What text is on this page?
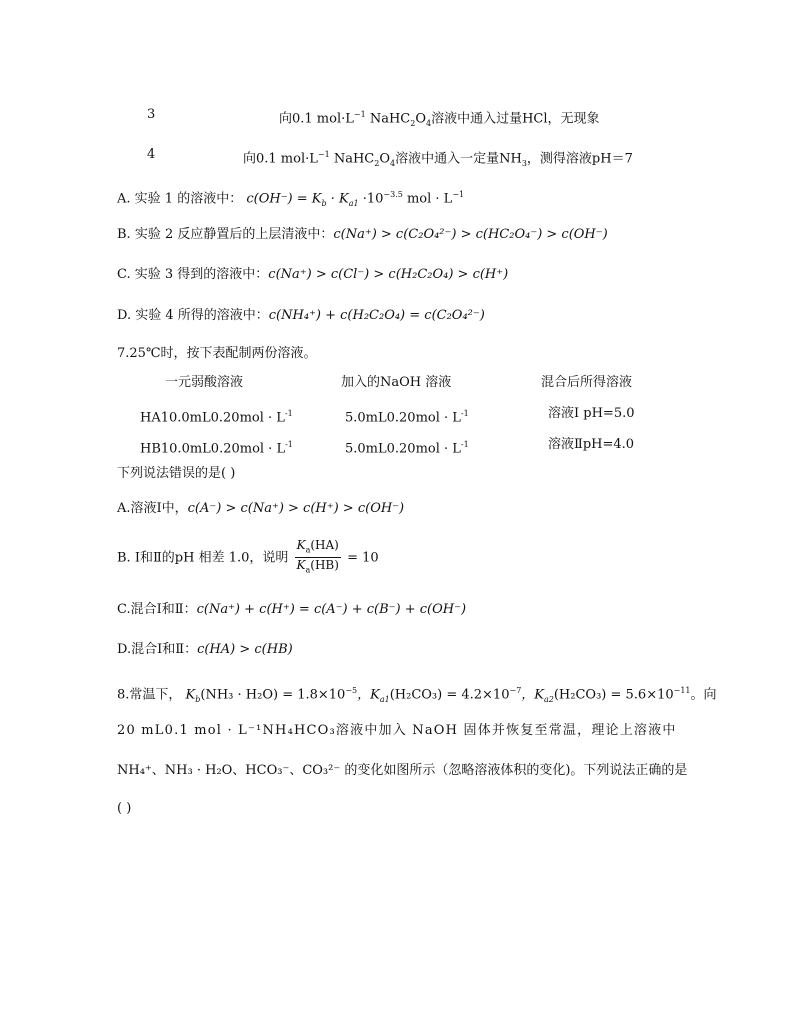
3	向0.1 $mol\cdot L^{-1}$ $NaHC_2O_4$溶液中通入过量HCl，无现象
4	向0.1 $mol\cdot L^{-1}$ $NaHC_2O_4$溶液中通入一定量$NH_3$，测得溶液pH＝7
A. 实验 1 的溶液中： $c(OH^-) = K_b \cdot K_{a1} \cdot 10^{-3.5}$ mol · $L^{-1}$
B. 实验 2 反应静置后的上层清液中：c(Na⁺) > c(C₂O₄²⁻) > c(HC₂O₄⁻) > c(OH⁻)
C. 实验 3 得到的溶液中：c(Na⁺) > c(Cl⁻) > c(H₂C₂O₄) > c(H⁺)
D. 实验 4 所得的溶液中：c(NH₄⁺) + c(H₂C₂O₄) = c(C₂O₄²⁻)
7.25℃时，按下表配制两份溶液。
一元弱酸溶液	加入的NaOH 溶液	混合后所得溶液
$HA10.0mL0.20mol \cdot L^{-1}$	$5.0mL0.20mol \cdot L^{-1}$	溶液Ⅰ pH=5.0
$HB10.0mL0.20mol \cdot L^{-1}$	$5.0mL0.20mol \cdot L^{-1}$	溶液ⅡpH=4.0
下列说法错误的是( )
A.溶液Ⅰ中，c(A⁻) > c(Na⁺) > c(H⁺) > c(OH⁻)
B. Ⅰ和Ⅱ的pH 相差 1.0，说明 $\frac{K_a(HA)}{K_a(HB)} = 10$
C.混合Ⅰ和Ⅱ：c(Na⁺) + c(H⁺) = c(A⁻) + c(B⁻) + c(OH⁻)
D.混合Ⅰ和Ⅱ：c(HA) > c(HB)
8.常温下， $K_b(NH_3 \cdot H_2O) = 1.8\times 10^{-5}$，$K_{a1}(H_2CO_3) = 4.2\times 10^{-7}$，$K_{a2}(H_2CO_3) = 5.6\times 10^{-11}$。向
20 mL0.1 mol · L⁻¹NH₄HCO₃溶液中加入 NaOH 固体并恢复至常温，理论上溶液中
NH₄⁺、NH₃ · H₂O、HCO₃⁻、CO₃²⁻ 的变化如图所示（忽略溶液体积的变化)。下列说法正确的是
( )
